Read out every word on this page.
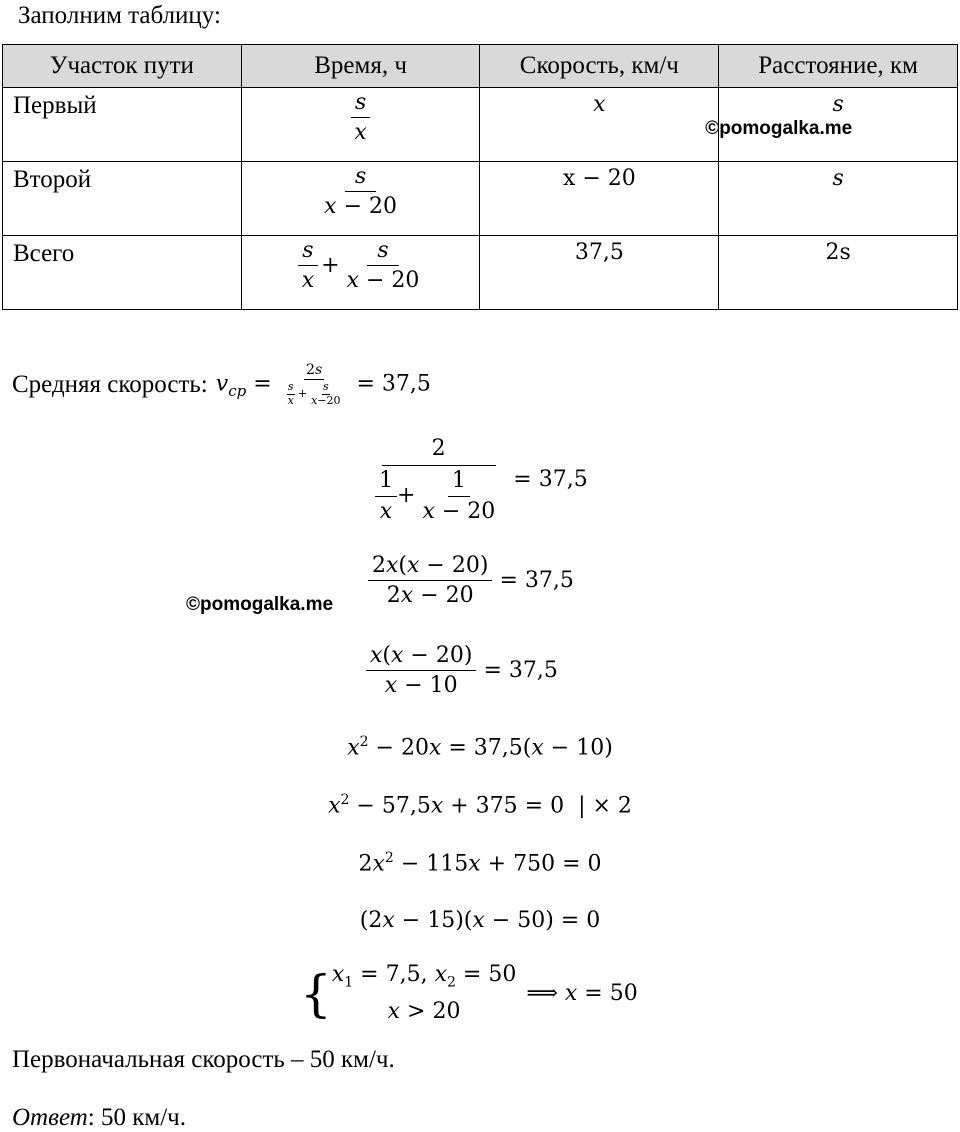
Заполним таблицу:
Участок пути	Время, ч	Скорость, км/ч	Расстояние, км
Первый	$\frac{s}{x}$	x	s
©pomogalka.me

Второй	$\frac{s}{x - 20}$	x − 20	s
Всего	$\frac{s}{x} + \frac{s}{x - 20}$	37,5	2s
Средняя скорость: $v_{cp} = \frac{2s}{\frac{s}{x} + \frac{s}{x-20}} = 37,5$
$\frac{2}{\frac{1}{x} + \frac{1}{x - 20}} = 37,5$
©pomogalka.me $\frac{2x(x - 20)}{2x - 20} = 37,5$
$\frac{x(x - 20)}{x - 10} = 37,5$
$x^2 - 20x = 37,5(x - 10)$
$x^2 - 57,5x + 375 = 0$  | × 2
$2x^2 - 115x + 750 = 0$
(2x − 15)(x − 50) = 0
{ $x_1 = 7,5$, $x_2 = 50$
x > 20
⟹ x = 50
Первоначальная скорость – 50 км/ч.
Ответ: 50 км/ч.
